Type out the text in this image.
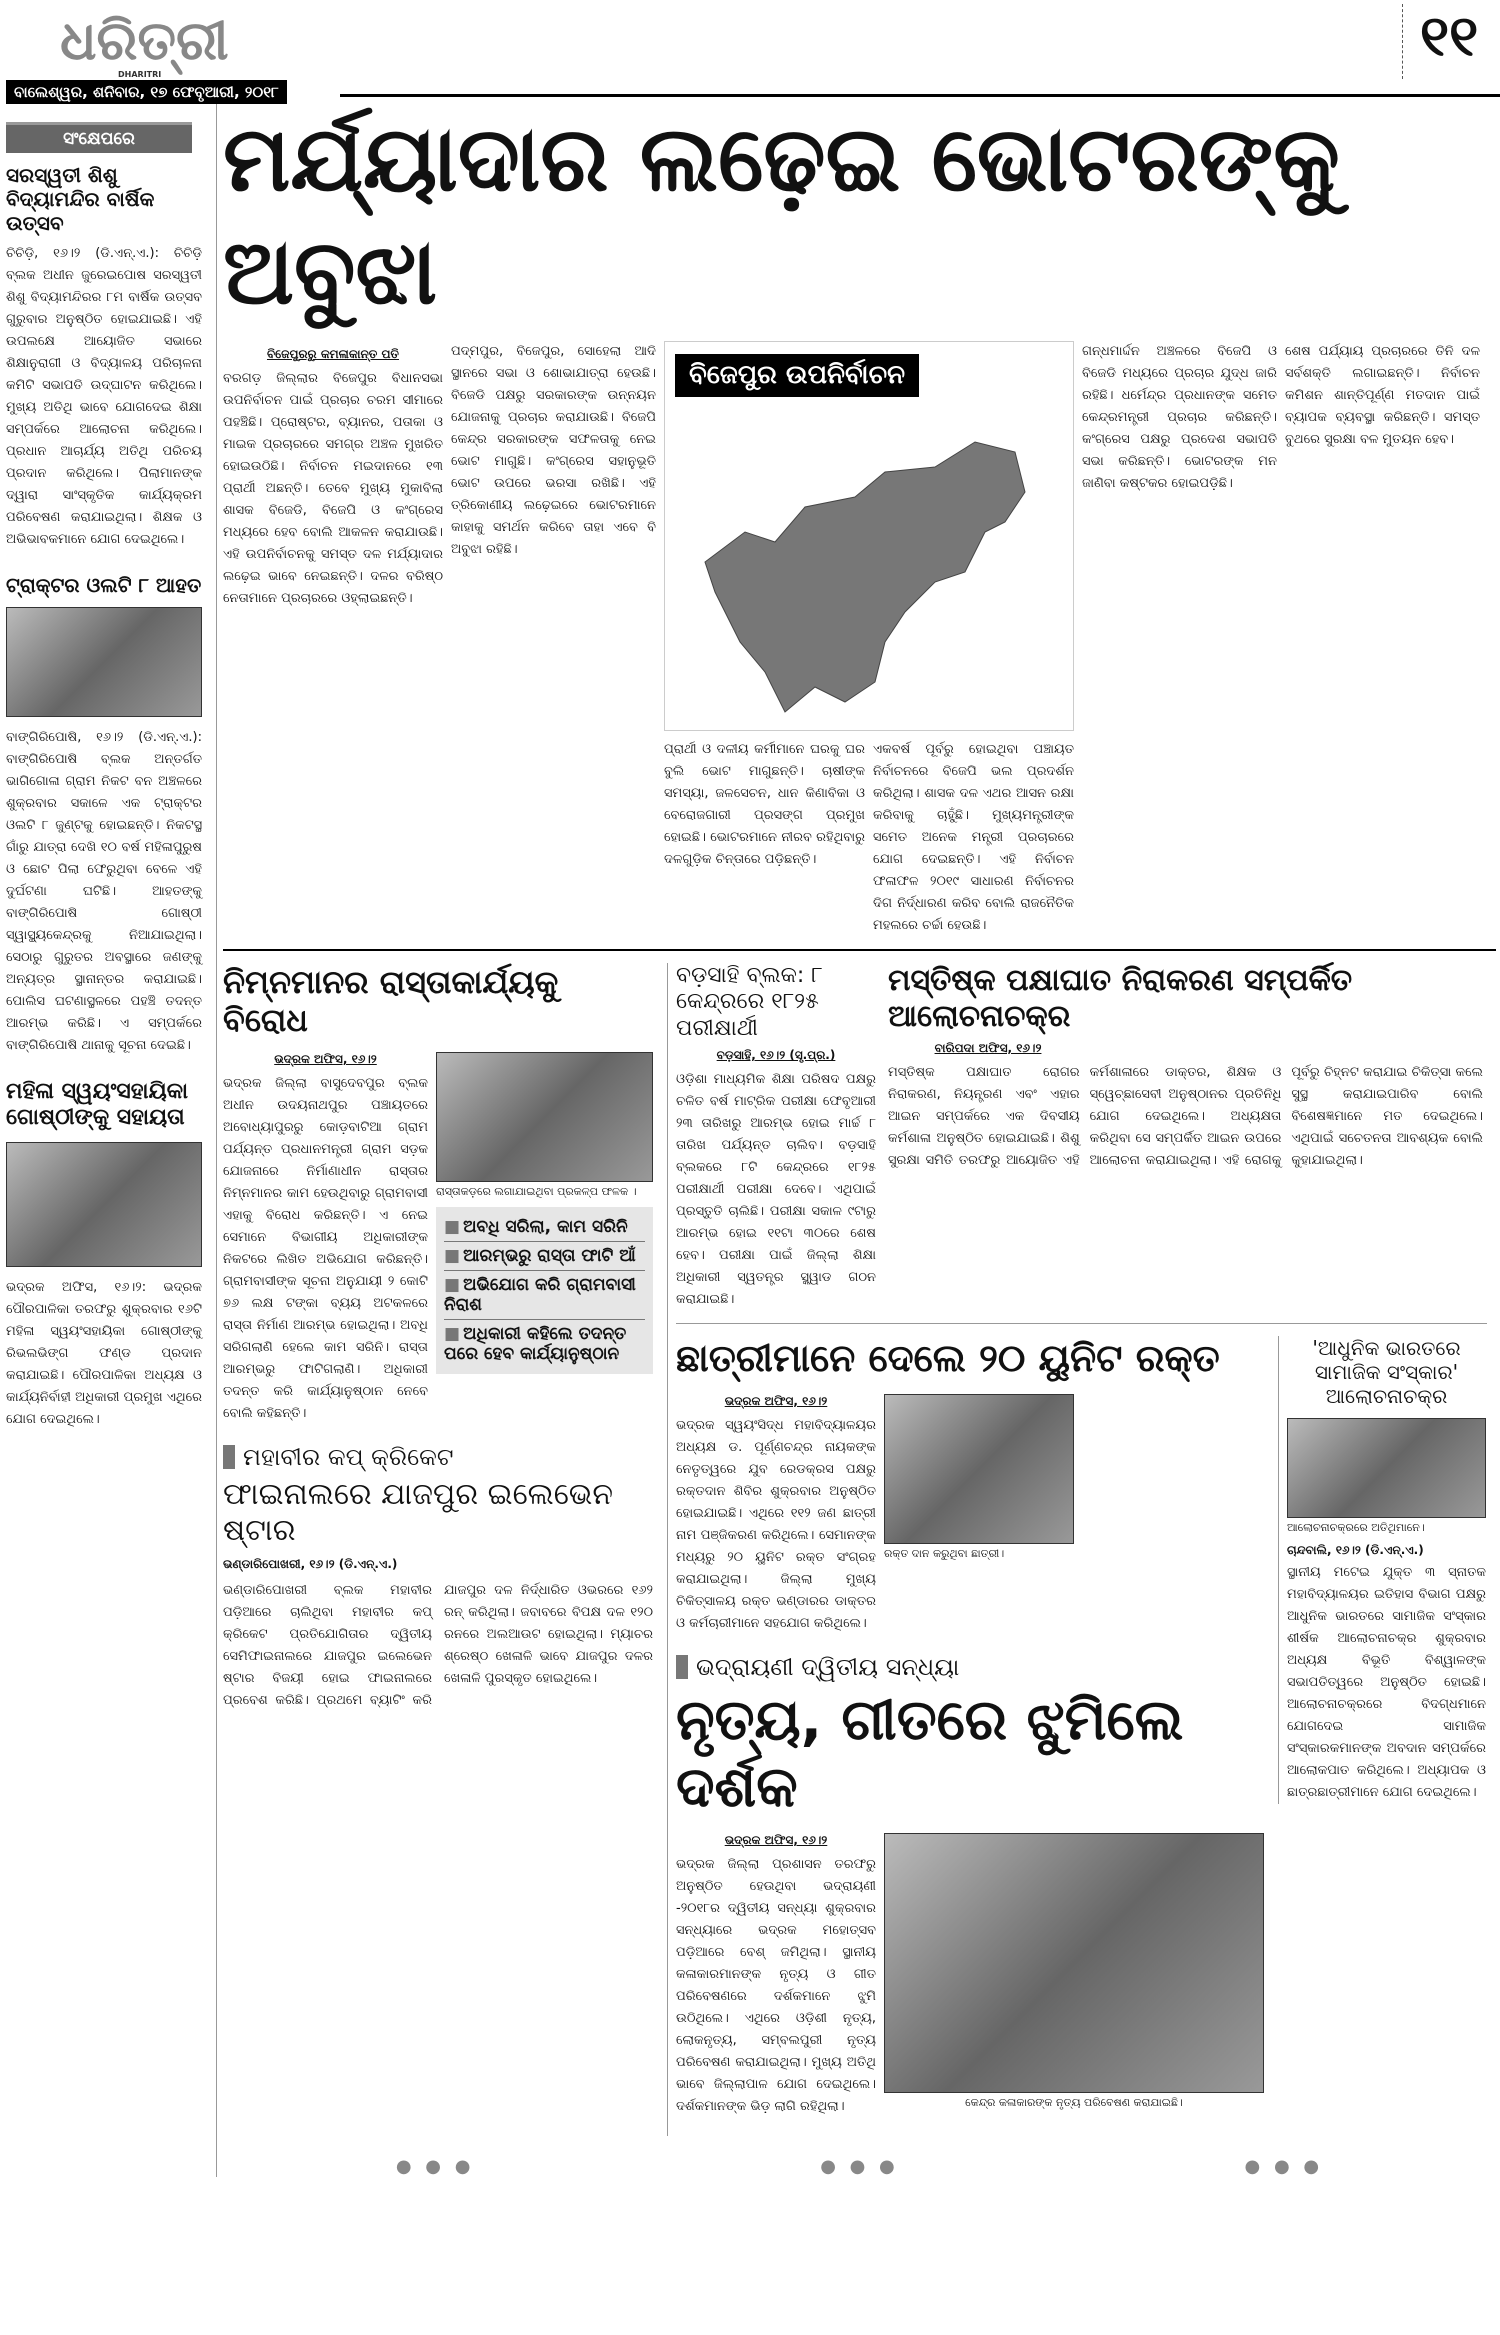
ଧରିତ୍ରୀ
DHARITRI
ବାଲେଶ୍ୱର, ଶନିବାର, ୧୭ ଫେବୃଆରୀ, ୨୦୧୮
୧୧
ସଂକ୍ଷେପରେ
ସରସ୍ୱତୀ ଶିଶୁ ବିଦ୍ୟାମନ୍ଦିର ବାର୍ଷିକ ଉତ୍ସବ
ଚିଚିଡ଼ି, ୧୬।୨ (ଡି.ଏନ୍.ଏ.): ଚିଚିଡ଼ି ବ୍ଲକ ଅଧୀନ ଜୁରେଇପୋଷ ସରସ୍ୱତୀ ଶିଶୁ ବିଦ୍ୟାମନ୍ଦିରର ୮ମ ବାର୍ଷିକ ଉତ୍ସବ ଗୁରୁବାର ଅନୁଷ୍ଠିତ ହୋଇଯାଇଛି। ଏହି ଉପଲକ୍ଷେ ଆୟୋଜିତ ସଭାରେ ଶିକ୍ଷାନୁରାଗୀ ଓ ବିଦ୍ୟାଳୟ ପରିଚାଳନା କମିଟି ସଭାପତି ଉଦ୍‌ଘାଟନ କରିଥିଲେ। ମୁଖ୍ୟ ଅତିଥି ଭାବେ ଯୋଗଦେଇ ଶିକ୍ଷା ସମ୍ପର୍କରେ ଆଲୋଚନା କରିଥିଲେ। ପ୍ରଧାନ ଆଚାର୍ଯ୍ୟ ଅତିଥି ପରିଚୟ ପ୍ରଦାନ କରିଥିଲେ। ପିଲାମାନଙ୍କ ଦ୍ୱାରା ସାଂସ୍କୃତିକ କାର୍ଯ୍ୟକ୍ରମ ପରିବେଷଣ କରାଯାଇଥିଲା। ଶିକ୍ଷକ ଓ ଅଭିଭାବକମାନେ ଯୋଗ ଦେଇଥିଲେ।
ଟ୍ରାକ୍ଟର ଓଲଟି ୮ ଆହତ
ବାଙ୍ଗିରିପୋଷି, ୧୬।୨ (ଡି.ଏନ୍.ଏ.): ବାଙ୍ଗିରିପୋଷି ବ୍ଲକ ଅନ୍ତର୍ଗତ ଭାଗିଗୋଳା ଗ୍ରାମ ନିକଟ ବନ ଅଞ୍ଚଳରେ ଶୁକ୍ରବାର ସକାଳେ ଏକ ଟ୍ରାକ୍ଟର ଓଲଟି ୮ ଜୁଣ୍ଟକୁ ହୋଇଛନ୍ତି। ନିକଟସ୍ଥ ଗାଁରୁ ଯାତ୍ରା ଦେଖି ୧୦ ବର୍ଷ ମହିଳାପୁରୁଷ ଓ ଛୋଟ ପିଲା ଫେରୁଥିବା ବେଳେ ଏହି ଦୁର୍ଘଟଣା ଘଟିଛି। ଆହତଙ୍କୁ ବାଙ୍ଗିରିପୋଷି ଗୋଷ୍ଠୀ ସ୍ୱାସ୍ଥ୍ୟକେନ୍ଦ୍ରକୁ ନିଆଯାଇଥିଲା। ସେଠାରୁ ଗୁରୁତର ଅବସ୍ଥାରେ ଜଣଙ୍କୁ ଅନ୍ୟତ୍ର ସ୍ଥାନାନ୍ତର କରାଯାଇଛି। ପୋଲିସ ଘଟଣାସ୍ଥଳରେ ପହଞ୍ଚି ତଦନ୍ତ ଆରମ୍ଭ କରିଛି। ଏ ସମ୍ପର୍କରେ ବାଙ୍ଗିରିପୋଷି ଥାନାକୁ ସୂଚନା ଦେଇଛି।
ମହିଳା ସ୍ୱୟଂସହାୟିକା ଗୋଷ୍ଠୀଙ୍କୁ ସହାୟତା
ଭଦ୍ରକ ଅଫିସ, ୧୬।୨: ଭଦ୍ରକ ପୌରପାଳିକା ତରଫରୁ ଶୁକ୍ରବାର ୧୬ଟି ମହିଳା ସ୍ୱୟଂସହାୟିକା ଗୋଷ୍ଠୀଙ୍କୁ ରିଭଲଭିଙ୍ଗ ଫଣ୍ଡ ପ୍ରଦାନ କରାଯାଇଛି। ପୌରପାଳିକା ଅଧ୍ୟକ୍ଷ ଓ କାର୍ଯ୍ୟନିର୍ବାହୀ ଅଧିକାରୀ ପ୍ରମୁଖ ଏଥିରେ ଯୋଗ ଦେଇଥିଲେ।
ମର୍ଯ୍ୟାଦାର ଲଢ଼େଇ ଭୋଟରଙ୍କୁ ଅବୁଝା
ବିଜେପୁରରୁ କମଳାକାନ୍ତ ପତି
ବରଗଡ଼ ଜିଲ୍ଲାର ବିଜେପୁର ବିଧାନସଭା ଉପନିର୍ବାଚନ ପାଇଁ ପ୍ରଚାର ଚରମ ସୀମାରେ ପହଞ୍ଚିଛି। ପ୍ରୋଷ୍ଟର, ବ୍ୟାନର, ପତାକା ଓ ମାଇକ ପ୍ରଚାରରେ ସମଗ୍ର ଅଞ୍ଚଳ ମୁଖରିତ ହୋଇଉଠିଛି। ନିର୍ବାଚନ ମଇଦାନରେ ୧୩ ପ୍ରାର୍ଥୀ ଅଛନ୍ତି। ତେବେ ମୁଖ୍ୟ ମୁକାବିଲା ଶାସକ ବିଜେଡି, ବିଜେପି ଓ କଂଗ୍ରେସ ମଧ୍ୟରେ ହେବ ବୋଲି ଆକଳନ କରାଯାଉଛି। ଏହି ଉପନିର୍ବାଚନକୁ ସମସ୍ତ ଦଳ ମର୍ଯ୍ୟାଦାର ଲଢ଼େଇ ଭାବେ ନେଇଛନ୍ତି। ଦଳର ବରିଷ୍ଠ ନେତାମାନେ ପ୍ରଚାରରେ ଓହ୍ଲାଇଛନ୍ତି।
ପଦ୍ମପୁର, ବିଜେପୁର, ସୋହେଲା ଆଦି ସ୍ଥାନରେ ସଭା ଓ ଶୋଭାଯାତ୍ରା ହେଉଛି। ବିଜେଡି ପକ୍ଷରୁ ସରକାରଙ୍କ ଉନ୍ନୟନ ଯୋଜନାକୁ ପ୍ରଚାର କରାଯାଉଛି। ବିଜେପି କେନ୍ଦ୍ର ସରକାରଙ୍କ ସଫଳତାକୁ ନେଇ ଭୋଟ ମାଗୁଛି। କଂଗ୍ରେସ ସହାନୁଭୂତି ଭୋଟ ଉପରେ ଭରସା ରଖିଛି। ଏହି ତ୍ରିକୋଣୀୟ ଲଢ଼େଇରେ ଭୋଟରମାନେ କାହାକୁ ସମର୍ଥନ କରିବେ ତାହା ଏବେ ବି ଅବୁଝା ରହିଛି।
ବିଜେପୁର ଉପନିର୍ବାଚନ
ପ୍ରାର୍ଥୀ ଓ ଦଳୀୟ କର୍ମୀମାନେ ଘରକୁ ଘର ବୁଲି ଭୋଟ ମାଗୁଛନ୍ତି। ଚାଷୀଙ୍କ ସମସ୍ୟା, ଜଳସେଚନ, ଧାନ କିଣାବିକା ଓ ବେରୋଜଗାରୀ ପ୍ରସଙ୍ଗ ପ୍ରମୁଖ ହୋଇଛି। ଭୋଟରମାନେ ନୀରବ ରହିଥିବାରୁ ଦଳଗୁଡ଼ିକ ଚିନ୍ତାରେ ପଡ଼ିଛନ୍ତି।
ଏକବର୍ଷ ପୂର୍ବରୁ ହୋଇଥିବା ପଞ୍ଚାୟତ ନିର୍ବାଚନରେ ବିଜେପି ଭଲ ପ୍ରଦର୍ଶନ କରିଥିଲା। ଶାସକ ଦଳ ଏଥର ଆସନ ରକ୍ଷା କରିବାକୁ ଚାହୁଁଛି। ମୁଖ୍ୟମନ୍ତ୍ରୀଙ୍କ ସମେତ ଅନେକ ମନ୍ତ୍ରୀ ପ୍ରଚାରରେ ଯୋଗ ଦେଇଛନ୍ତି। ଏହି ନିର୍ବାଚନ ଫଳାଫଳ ୨୦୧୯ ସାଧାରଣ ନିର୍ବାଚନର ଦିଗ ନିର୍ଦ୍ଧାରଣ କରିବ ବୋଲି ରାଜନୈତିକ ମହଲରେ ଚର୍ଚ୍ଚା ହେଉଛି।
ଗନ୍ଧମାର୍ଦ୍ଦନ ଅଞ୍ଚଳରେ ବିଜେପି ଓ ବିଜେଡି ମଧ୍ୟରେ ପ୍ରଚାର ଯୁଦ୍ଧ ଜାରି ରହିଛି। ଧର୍ମେନ୍ଦ୍ର ପ୍ରଧାନଙ୍କ ସମେତ କେନ୍ଦ୍ରମନ୍ତ୍ରୀ ପ୍ରଚାର କରିଛନ୍ତି। କଂଗ୍ରେସ ପକ୍ଷରୁ ପ୍ରଦେଶ ସଭାପତି ସଭା କରିଛନ୍ତି। ଭୋଟରଙ୍କ ମନ ଜାଣିବା କଷ୍ଟକର ହୋଇପଡ଼ିଛି।
ଶେଷ ପର୍ଯ୍ୟାୟ ପ୍ରଚାରରେ ତିନି ଦଳ ସର୍ବଶକ୍ତି ଲଗାଇଛନ୍ତି। ନିର୍ବାଚନ କମିଶନ ଶାନ୍ତିପୂର୍ଣ୍ଣ ମତଦାନ ପାଇଁ ବ୍ୟାପକ ବ୍ୟବସ୍ଥା କରିଛନ୍ତି। ସମସ୍ତ ବୁଥରେ ସୁରକ୍ଷା ବଳ ମୁତୟନ ହେବ।
ନିମ୍ନମାନର ରାସ୍ତାକାର୍ଯ୍ୟକୁ ବିରୋଧ
ଭଦ୍ରକ ଅଫିସ, ୧୬।୨
ଭଦ୍ରକ ଜିଲ୍ଲା ବାସୁଦେବପୁର ବ୍ଲକ ଅଧୀନ ଉଦୟନାଥପୁର ପଞ୍ଚାୟତରେ ଅବୋଧ୍ୟାପୁରରୁ କୋଡ଼ବାଟିଆ ଗ୍ରାମ ପର୍ଯ୍ୟନ୍ତ ପ୍ରଧାନମନ୍ତ୍ରୀ ଗ୍ରାମ ସଡ଼କ ଯୋଜନାରେ ନିର୍ମାଣାଧୀନ ରାସ୍ତାର ନିମ୍ନମାନର କାମ ହେଉଥିବାରୁ ଗ୍ରାମବାସୀ ଏହାକୁ ବିରୋଧ କରିଛନ୍ତି। ଏ ନେଇ ସେମାନେ ବିଭାଗୀୟ ଅଧିକାରୀଙ୍କ ନିକଟରେ ଲିଖିତ ଅଭିଯୋଗ କରିଛନ୍ତି। ଗ୍ରାମବାସୀଙ୍କ ସୂଚନା ଅନୁଯାୟୀ ୨ କୋଟି ୭୬ ଲକ୍ଷ ଟଙ୍କା ବ୍ୟୟ ଅଟକଳରେ ରାସ୍ତା ନିର୍ମାଣ ଆରମ୍ଭ ହୋଇଥିଲା। ଅବଧି ସରିଗଲାଣି ହେଲେ କାମ ସରିନି। ରାସ୍ତା ଆରମ୍ଭରୁ ଫାଟିଗଲାଣି। ଅଧିକାରୀ ତଦନ୍ତ କରି କାର୍ଯ୍ୟାନୁଷ୍ଠାନ ନେବେ ବୋଲି କହିଛନ୍ତି।
ରାସ୍ତାକଡ଼ରେ ଲଗାଯାଇଥିବା ପ୍ରକଳ୍ପ ଫଳକ ।
■ ଅବଧି ସରିଲା, କାମ ସରିନି
■ ଆରମ୍ଭରୁ ରାସ୍ତା ଫାଟି ଆଁ
■ ଅଭିଯୋଗ କରି ଗ୍ରାମବାସୀ ନିରାଶ
■ ଅଧିକାରୀ କହିଲେ ତଦନ୍ତ ପରେ ହେବ କାର୍ଯ୍ୟାନୁଷ୍ଠାନ
ମହାବୀର କପ୍ କ୍ରିକେଟ
ଫାଇନାଲରେ ଯାଜପୁର ଇଲେଭେନ ଷ୍ଟାର
ଭଣ୍ଡାରିପୋଖରୀ, ୧୬।୨ (ଡି.ଏନ୍.ଏ.)
ଭଣ୍ଡାରିପୋଖରୀ ବ୍ଲକ ମହାବୀର ପଡ଼ିଆରେ ଚାଲିଥିବା ମହାବୀର କପ୍ କ୍ରିକେଟ ପ୍ରତିଯୋଗିତାର ଦ୍ୱିତୀୟ ସେମିଫାଇନାଲରେ ଯାଜପୁର ଇଲେଭେନ ଷ୍ଟାର ବିଜୟୀ ହୋଇ ଫାଇନାଲରେ ପ୍ରବେଶ କରିଛି। ପ୍ରଥମେ ବ୍ୟାଟିଂ କରି ଯାଜପୁର ଦଳ ନିର୍ଦ୍ଧାରିତ ଓଭରରେ ୧୬୨ ରନ୍ କରିଥିଲା। ଜବାବରେ ବିପକ୍ଷ ଦଳ ୧୨୦ ରନରେ ଅଲଆଉଟ ହୋଇଥିଲା। ମ୍ୟାଚର ଶ୍ରେଷ୍ଠ ଖେଳାଳି ଭାବେ ଯାଜପୁର ଦଳର ଖେଳାଳି ପୁରସ୍କୃତ ହୋଇଥିଲେ।
ବଡ଼ସାହି ବ୍ଲକ: ୮ କେନ୍ଦ୍ରରେ ୧୮୨୫ ପରୀକ୍ଷାର୍ଥୀ
ବଡ଼ସାହି, ୧୬।୨ (ସୃ.ପ୍ର.)
ଓଡ଼ିଶା ମାଧ୍ୟମିକ ଶିକ୍ଷା ପରିଷଦ ପକ୍ଷରୁ ଚଳିତ ବର୍ଷ ମାଟ୍ରିକ ପରୀକ୍ଷା ଫେବୃଆରୀ ୨୩ ତାରିଖରୁ ଆରମ୍ଭ ହୋଇ ମାର୍ଚ୍ଚ ୮ ତାରିଖ ପର୍ଯ୍ୟନ୍ତ ଚାଲିବ। ବଡ଼ସାହି ବ୍ଲକରେ ୮ଟି କେନ୍ଦ୍ରରେ ୧୮୨୫ ପରୀକ୍ଷାର୍ଥୀ ପରୀକ୍ଷା ଦେବେ। ଏଥିପାଇଁ ପ୍ରସ୍ତୁତି ଚାଲିଛି। ପରୀକ୍ଷା ସକାଳ ୯ଟାରୁ ଆରମ୍ଭ ହୋଇ ୧୧ଟା ୩୦ରେ ଶେଷ ହେବ। ପରୀକ୍ଷା ପାଇଁ ଜିଲ୍ଲା ଶିକ୍ଷା ଅଧିକାରୀ ସ୍ୱତନ୍ତ୍ର ସ୍କ୍ୱାଡ ଗଠନ କରାଯାଇଛି।
ମସ୍ତିଷ୍କ ପକ୍ଷାଘାତ ନିରାକରଣ ସମ୍ପର୍କିତ ଆଲୋଚନାଚକ୍ର
ବାରିପଦା ଅଫିସ, ୧୬।୨
ମସ୍ତିଷ୍କ ପକ୍ଷାଘାତ ରୋଗର ନିରାକରଣ, ନିୟନ୍ତ୍ରଣ ଏବଂ ଏହାର ଆଇନ ସମ୍ପର୍କରେ ଏକ ଦିବସୀୟ କର୍ମଶାଳା ଅନୁଷ୍ଠିତ ହୋଇଯାଇଛି। ଶିଶୁ ସୁରକ୍ଷା ସମିତି ତରଫରୁ ଆୟୋଜିତ ଏହି କର୍ମଶାଳାରେ ଡାକ୍ତର, ଶିକ୍ଷକ ଓ ସ୍ୱେଚ୍ଛାସେବୀ ଅନୁଷ୍ଠାନର ପ୍ରତିନିଧି ଯୋଗ ଦେଇଥିଲେ। ଅଧ୍ୟକ୍ଷତା କରିଥିବା ସେ ସମ୍ପର୍କିତ ଆଇନ ଉପରେ ଆଲୋଚନା କରାଯାଇଥିଲା। ଏହି ରୋଗକୁ ପୂର୍ବରୁ ଚିହ୍ନଟ କରାଯାଇ ଚିକିତ୍ସା କଲେ ସୁସ୍ଥ କରାଯାଇପାରିବ ବୋଲି ବିଶେଷଜ୍ଞମାନେ ମତ ଦେଇଥିଲେ। ଏଥିପାଇଁ ସଚେତନତା ଆବଶ୍ୟକ ବୋଲି କୁହାଯାଇଥିଲା।
ଛାତ୍ରୀମାନେ ଦେଲେ ୨୦ ୟୁନିଟ ରକ୍ତ
ଭଦ୍ରକ ଅଫିସ, ୧୬।୨
ଭଦ୍ରକ ସ୍ୱୟଂସିଦ୍ଧ ମହାବିଦ୍ୟାଳୟର ଅଧ୍ୟକ୍ଷ ଡ. ପୂର୍ଣ୍ଣଚନ୍ଦ୍ର ନାୟକଙ୍କ ନେତୃତ୍ୱରେ ଯୁବ ରେଡକ୍ରସ ପକ୍ଷରୁ ରକ୍ତଦାନ ଶିବିର ଶୁକ୍ରବାର ଅନୁଷ୍ଠିତ ହୋଇଯାଇଛି। ଏଥିରେ ୧୧୨ ଜଣ ଛାତ୍ରୀ ନାମ ପଞ୍ଜିକରଣ କରିଥିଲେ। ସେମାନଙ୍କ ମଧ୍ୟରୁ ୨୦ ୟୁନିଟ ରକ୍ତ ସଂଗ୍ରହ କରାଯାଇଥିଲା। ଜିଲ୍ଲା ମୁଖ୍ୟ ଚିକିତ୍ସାଳୟ ରକ୍ତ ଭଣ୍ଡାରର ଡାକ୍ତର ଓ କର୍ମଚାରୀମାନେ ସହଯୋଗ କରିଥିଲେ।
ରକ୍ତ ଦାନ କରୁଥିବା ଛାତ୍ରୀ।
ଭଦ୍ରାୟଣୀ ଦ୍ୱିତୀୟ ସନ୍ଧ୍ୟା
ନୃତ୍ୟ, ଗୀତରେ ଝୁମିଲେ ଦର୍ଶକ
ଭଦ୍ରକ ଅଫିସ, ୧୬।୨
ଭଦ୍ରକ ଜିଲ୍ଲା ପ୍ରଶାସନ ତରଫରୁ ଅନୁଷ୍ଠିତ ହେଉଥିବା ଭଦ୍ରାୟଣୀ -୨୦୧୮ର ଦ୍ୱିତୀୟ ସନ୍ଧ୍ୟା ଶୁକ୍ରବାର ସନ୍ଧ୍ୟାରେ ଭଦ୍ରକ ମହୋତ୍ସବ ପଡ଼ିଆରେ ବେଶ୍ ଜମିଥିଲା। ସ୍ଥାନୀୟ କଳାକାରମାନଙ୍କ ନୃତ୍ୟ ଓ ଗୀତ ପରିବେଷଣରେ ଦର୍ଶକମାନେ ଝୁମି ଉଠିଥିଲେ। ଏଥିରେ ଓଡ଼ିଶୀ ନୃତ୍ୟ, ଲୋକନୃତ୍ୟ, ସମ୍ବଲପୁରୀ ନୃତ୍ୟ ପରିବେଷଣ କରାଯାଇଥିଲା। ମୁଖ୍ୟ ଅତିଥି ଭାବେ ଜିଲ୍ଲାପାଳ ଯୋଗ ଦେଇଥିଲେ। ଦର୍ଶକମାନଙ୍କ ଭିଡ଼ ଲାଗି ରହିଥିଲା।	କେନ୍ଦ୍ର କଳାକାରଙ୍କ ନୃତ୍ୟ ପରିବେଷଣ କରାଯାଇଛି।
'ଆଧୁନିକ ଭାରତରେ ସାମାଜିକ ସଂସ୍କାର' ଆଲୋଚନାଚକ୍ର
ଆଲୋଚନାଚକ୍ରରେ ଅତିଥିମାନେ।
ଚାନ୍ଦବାଲି, ୧୬।୨ (ଡି.ଏନ୍.ଏ.)
ସ୍ଥାନୀୟ ମଟେଇ ଯୁକ୍ତ ୩ ସ୍ନାତକ ମହାବିଦ୍ୟାଳୟର ଇତିହାସ ବିଭାଗ ପକ୍ଷରୁ ଆଧୁନିକ ଭାରତରେ ସାମାଜିକ ସଂସ୍କାର ଶୀର୍ଷକ ଆଲୋଚନାଚକ୍ର ଶୁକ୍ରବାର ଅଧ୍ୟକ୍ଷ ବିଭୂତି ବିଶ୍ୱାଳଙ୍କ ସଭାପତିତ୍ୱରେ ଅନୁଷ୍ଠିତ ହୋଇଛି। ଆଲୋଚନାଚକ୍ରରେ ବିଦଗ୍ଧମାନେ ଯୋଗଦେଇ ସାମାଜିକ ସଂସ୍କାରକମାନଙ୍କ ଅବଦାନ ସମ୍ପର୍କରେ ଆଲୋକପାତ କରିଥିଲେ। ଅଧ୍ୟାପକ ଓ ଛାତ୍ରଛାତ୍ରୀମାନେ ଯୋଗ ଦେଇଥିଲେ।
● ● ●	● ● ●	● ● ●
